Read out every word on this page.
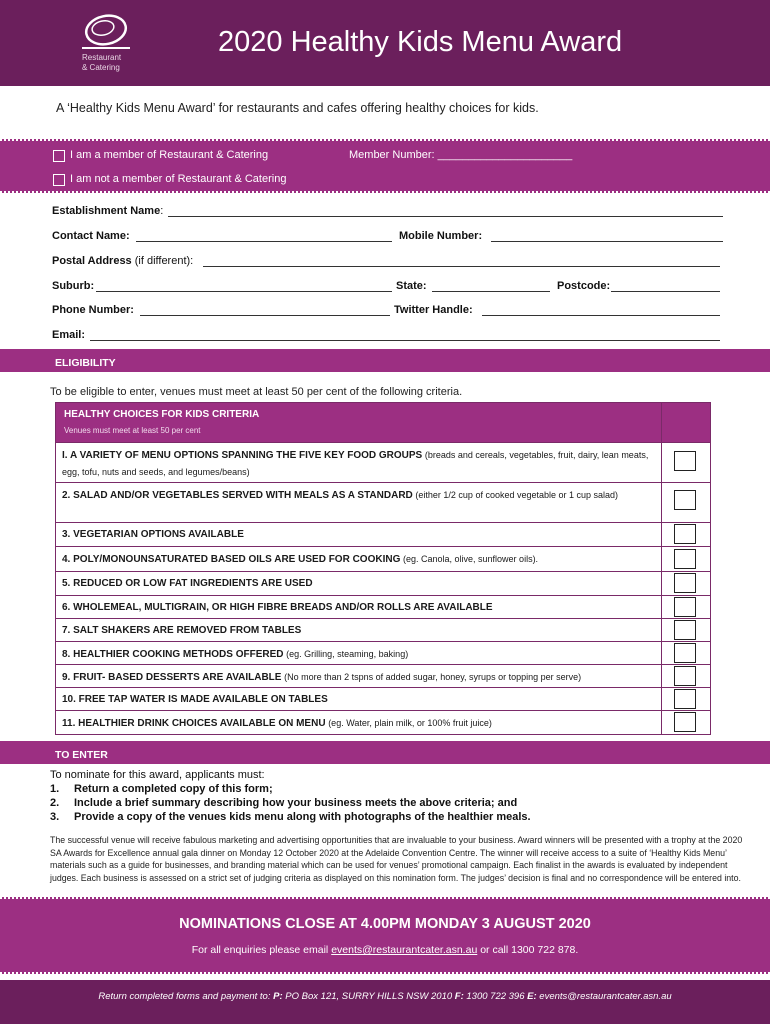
Restaurant
& Catering
2020 Healthy Kids Menu Award
A ‘Healthy Kids Menu Award’ for restaurants and cafes offering healthy choices for kids.
I am a member of Restaurant & Catering	Member Number: ______________________
I am not a member of Restaurant & Catering
Establishment Name:
Contact Name:	Mobile Number:
Postal Address (if different):
Suburb:	State:	Postcode:
Phone Number:	Twitter Handle:
Email:
ELIGIBILITY
To be eligible to enter, venues must meet at least 50 per cent of the following criteria.
HEALTHY CHOICES FOR KIDS CRITERIA
Venues must meet at least 50 per cent
I. A VARIETY OF MENU OPTIONS SPANNING THE FIVE KEY FOOD GROUPS (breads and cereals, vegetables, fruit, dairy, lean meats, egg, tofu, nuts and seeds, and legumes/beans)
2. SALAD AND/OR VEGETABLES SERVED WITH MEALS AS A STANDARD (either 1/2 cup of cooked vegetable or 1 cup salad)
3. VEGETARIAN OPTIONS AVAILABLE
4. POLY/MONOUNSATURATED BASED OILS ARE USED FOR COOKING (eg. Canola, olive, sunflower oils).
5. REDUCED OR LOW FAT INGREDIENTS ARE USED
6. WHOLEMEAL, MULTIGRAIN, OR HIGH FIBRE BREADS AND/OR ROLLS ARE AVAILABLE
7. SALT SHAKERS ARE REMOVED FROM TABLES
8. HEALTHIER COOKING METHODS OFFERED (eg. Grilling, steaming, baking)
9. FRUIT- BASED DESSERTS ARE AVAILABLE (No more than 2 tspns of added sugar, honey, syrups or topping per serve)
10. FREE TAP WATER IS MADE AVAILABLE ON TABLES
11. HEALTHIER DRINK CHOICES AVAILABLE ON MENU (eg. Water, plain milk, or 100% fruit juice)
TO ENTER
To nominate for this award, applicants must:
1. Return a completed copy of this form;
2. Include a brief summary describing how your business meets the above criteria; and
3. Provide a copy of the venues kids menu along with photographs of the healthier meals.
The successful venue will receive fabulous marketing and advertising opportunities that are invaluable to your business. Award winners will be presented with a trophy at the 2020 SA Awards for Excellence annual gala dinner on Monday 12 October 2020 at the Adelaide Convention Centre. The winner will receive access to a suite of ‘Healthy Kids Menu’ materials such as a guide for businesses, and branding material which can be used for venues’ promotional campaign. Each finalist in the awards is evaluated by independent judges. Each business is assessed on a strict set of judging criteria as displayed on this nomination form. The judges’ decision is final and no correspondence will be entered into.
NOMINATIONS CLOSE AT 4.00PM MONDAY 3 AUGUST 2020
For all enquiries please email events@restaurantcater.asn.au or call 1300 722 878.
Return completed forms and payment to: P: PO Box 121, SURRY HILLS NSW 2010 F: 1300 722 396 E: events@restaurantcater.asn.au
